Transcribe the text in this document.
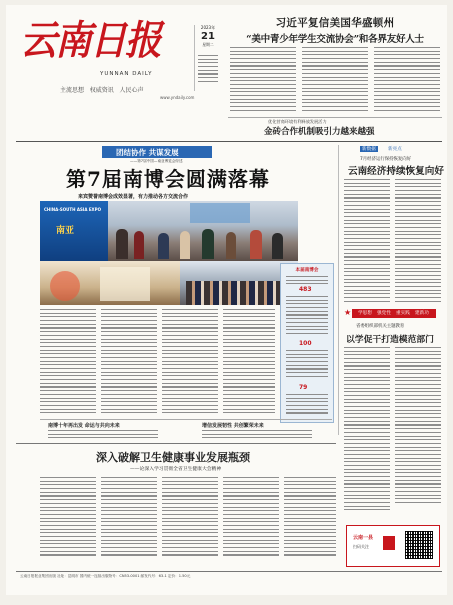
云南日报
YUNNAN DAILY
主流思想 权威资讯 人民心声
www.yndaily.com
2023年
21
星期二
习近平复信美国华盛顿州
“美中青少年学生交流协会”和各界友好人士
优化营商环境有利释放发展活力
金砖合作机制吸引力越来越强
团结协作 共谋发展
——第7届中国—南亚博览会综述
第7届南博会圆满落幕
来宾赞誉南博会成效显著，有力推动各方交流合作
CHINA-SOUTH ASIA EXPO
南亚
本届南博会
483
100
79
南博十年再出发 命运与共向未来	增信发展韧性 共创繁荣未来
新数据	新亮点
7月经济运行保持恢复向好
云南经济持续恢复向好
学思想 强党性 重实践 建新功
★
省委组织部机关主题教育
以学促干打造模范部门
深入破解卫生健康事业发展瓶颈
——论深入学习贯彻全省卫生健康大会精神
云南一县
扫码关注
云南日报报业集团出版 社址：昆明市 国内统一连续出版物号：CN53-0001 邮发代号：63-1 定价：1.50元
